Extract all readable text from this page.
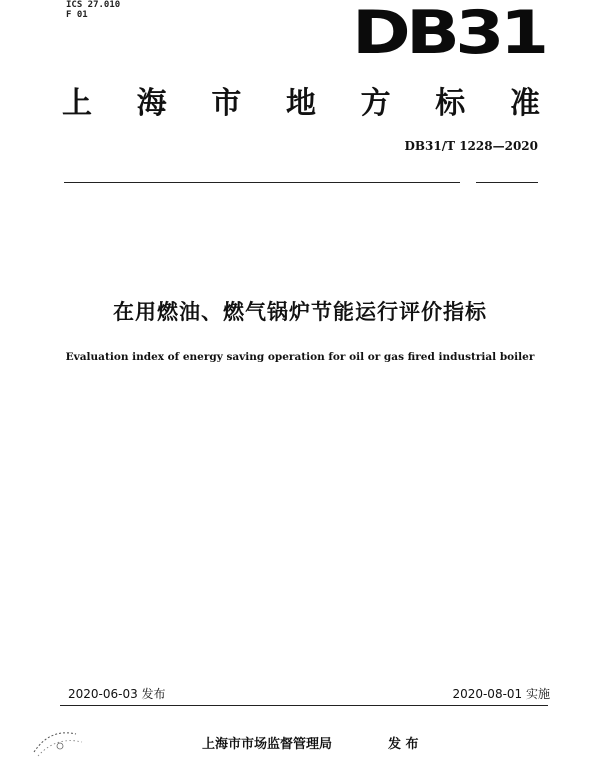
ICS 27.010
F 01	DB31
上 海 市 地 方 标 准
DB31/T 1228—2020
在用燃油、燃气锅炉节能运行评价指标
Evaluation index of energy saving operation for oil or gas fired industrial boiler
2020-06-03 发布	2020-08-01 实施
上海市市场监督管理局	发 布
